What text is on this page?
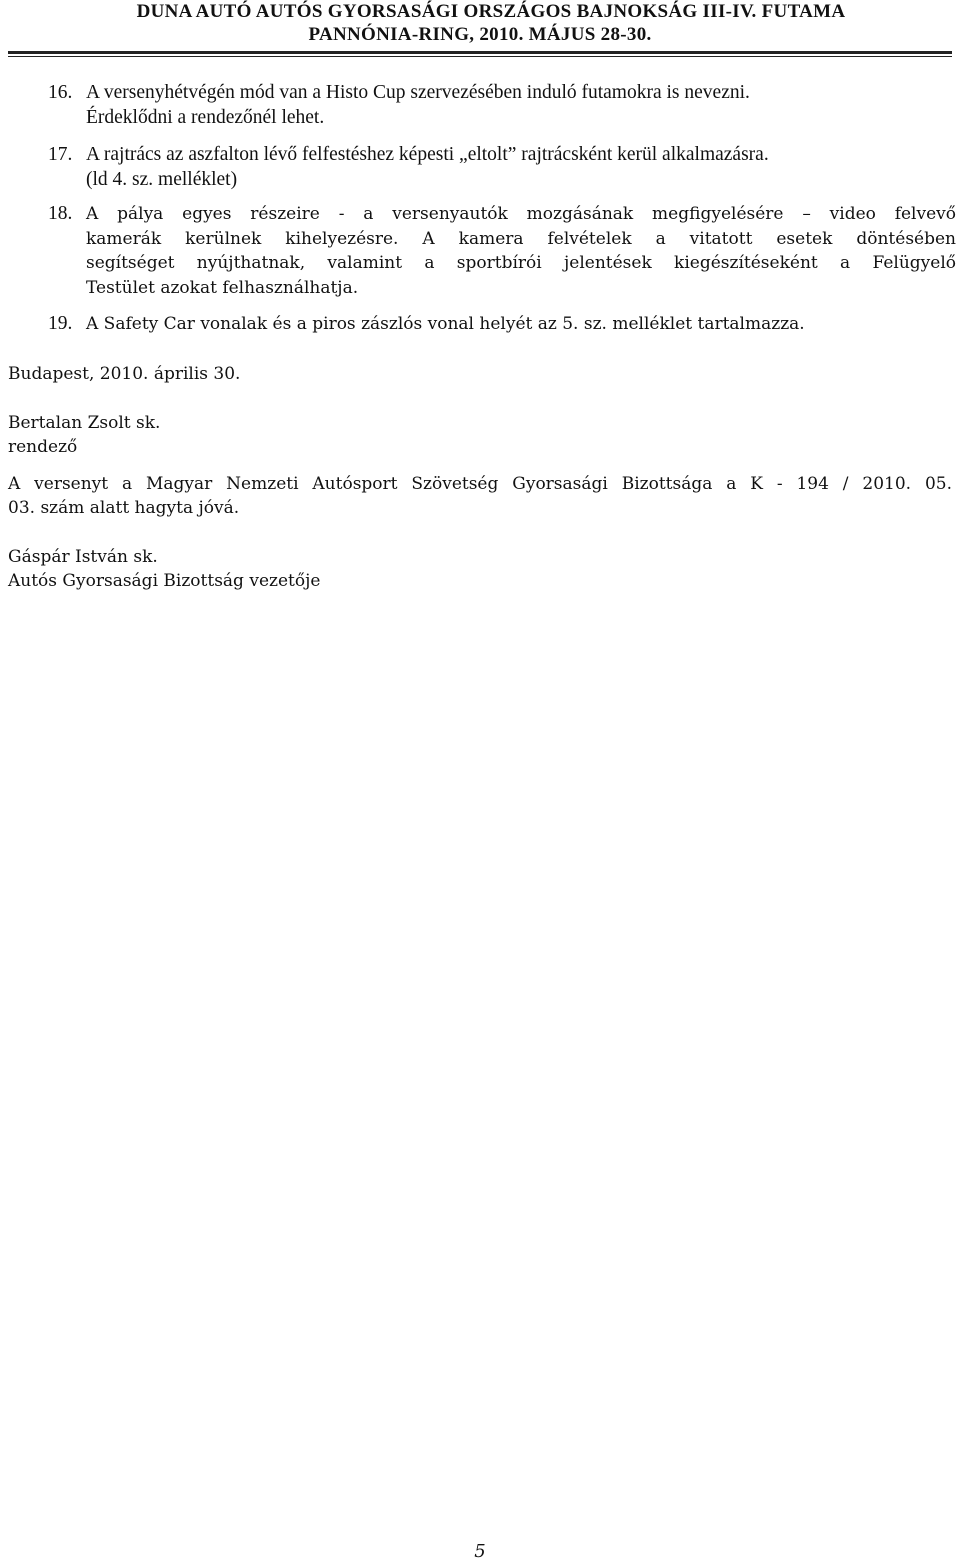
DUNA AUTÓ AUTÓS GYORSASÁGI ORSZÁGOS BAJNOKSÁG III-IV. FUTAMA
PANNÓNIA-RING, 2010. MÁJUS 28-30.
16. A versenyhétvégén mód van a Histo Cup szervezésében induló futamokra is nevezni.
Érdeklődni a rendezőnél lehet.
17. A rajtrács az aszfalton lévő felfestéshez képesti „eltolt” rajtrácsként kerül alkalmazásra.
(ld 4. sz. melléklet)
18. A pálya egyes részeire - a versenyautók mozgásának megfigyelésére – video felvevő
kamerák kerülnek kihelyezésre. A kamera felvételek a vitatott esetek döntésében
segítséget nyújthatnak, valamint a sportbírói jelentések kiegészítéseként a Felügyelő
Testület azokat felhasználhatja.
19. A Safety Car vonalak és a piros zászlós vonal helyét az 5. sz. melléklet tartalmazza.
Budapest, 2010. április 30.
Bertalan Zsolt sk.
rendező
A versenyt a Magyar Nemzeti Autósport Szövetség Gyorsasági Bizottsága a K - 194 / 2010. 05.
03. szám alatt hagyta jóvá.
Gáspár István sk.
Autós Gyorsasági Bizottság vezetője
5
